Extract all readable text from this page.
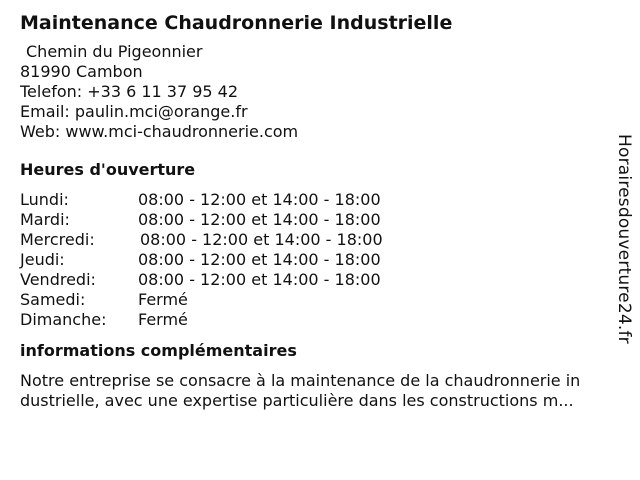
Maintenance Chaudronnerie Industrielle
Chemin du Pigeonnier
81990 Cambon
Telefon: +33 6 11 37 95 42
Email: paulin.mci@orange.fr
Web: www.mci-chaudronnerie.com
Heures d'ouverture
Lundi:	08:00 - 12:00 et 14:00 - 18:00
Mardi:	08:00 - 12:00 et 14:00 - 18:00
Mercredi:	08:00 - 12:00 et 14:00 - 18:00
Jeudi:	08:00 - 12:00 et 14:00 - 18:00
Vendredi:	08:00 - 12:00 et 14:00 - 18:00
Samedi:	Fermé
Dimanche:	Fermé
informations complémentaires
Notre entreprise se consacre à la maintenance de la chaudronnerie in
dustrielle, avec une expertise particulière dans les constructions m...
Horairesdouverture24.fr
